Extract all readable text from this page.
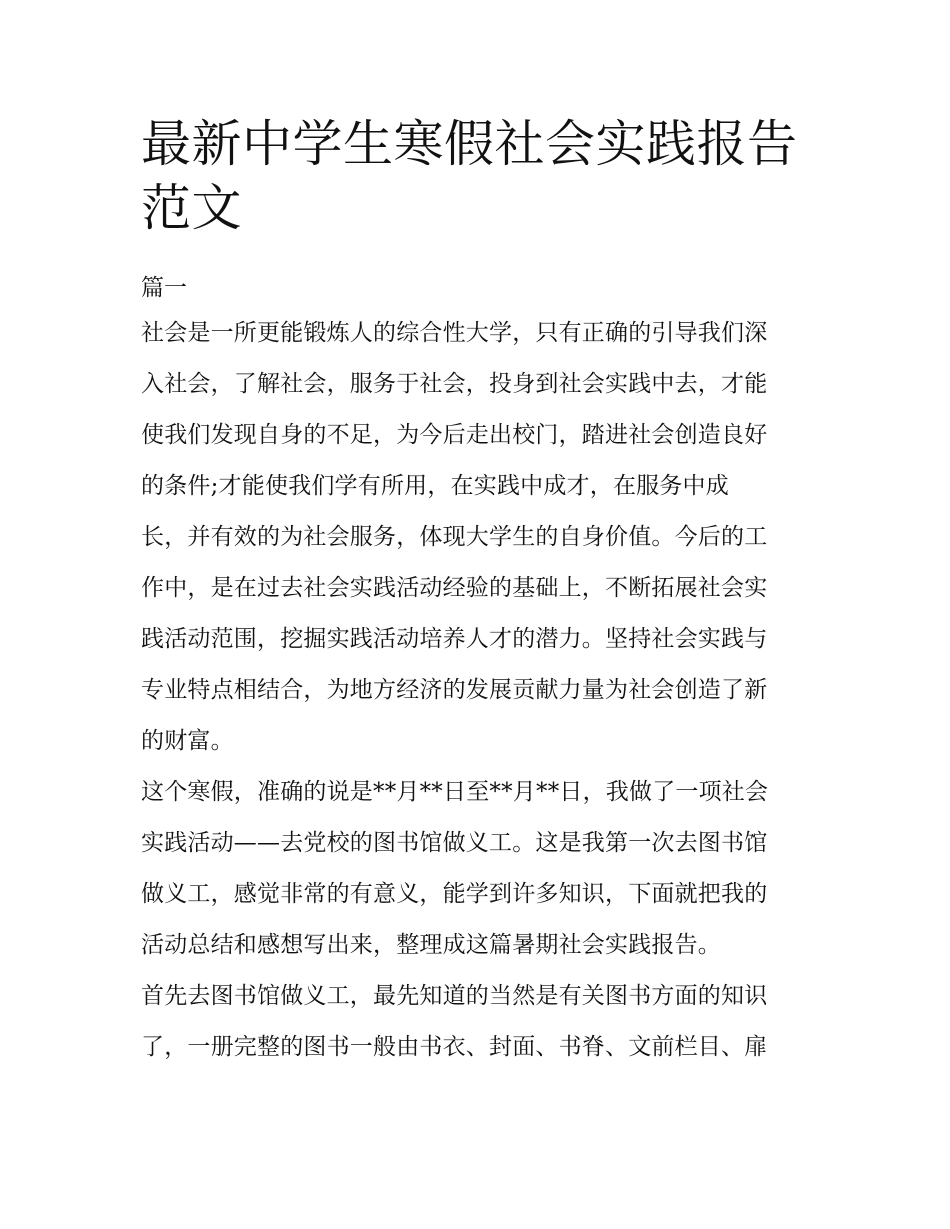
最新中学生寒假社会实践报告
范文
篇一

社会是一所更能锻炼人的综合性大学，只有正确的引导我们深
入社会，了解社会，服务于社会，投身到社会实践中去，才能
使我们发现自身的不足，为今后走出校门，踏进社会创造良好
的条件;才能使我们学有所用，在实践中成才，在服务中成
长，并有效的为社会服务，体现大学生的自身价值。今后的工
作中，是在过去社会实践活动经验的基础上，不断拓展社会实
践活动范围，挖掘实践活动培养人才的潜力。坚持社会实践与
专业特点相结合，为地方经济的发展贡献力量为社会创造了新
的财富。

这个寒假，准确的说是**月**日至**月**日，我做了一项社会
实践活动——去党校的图书馆做义工。这是我第一次去图书馆
做义工，感觉非常的有意义，能学到许多知识，下面就把我的
活动总结和感想写出来，整理成这篇暑期社会实践报告。

首先去图书馆做义工，最先知道的当然是有关图书方面的知识
了，一册完整的图书一般由书衣、封面、书脊、文前栏目、扉
